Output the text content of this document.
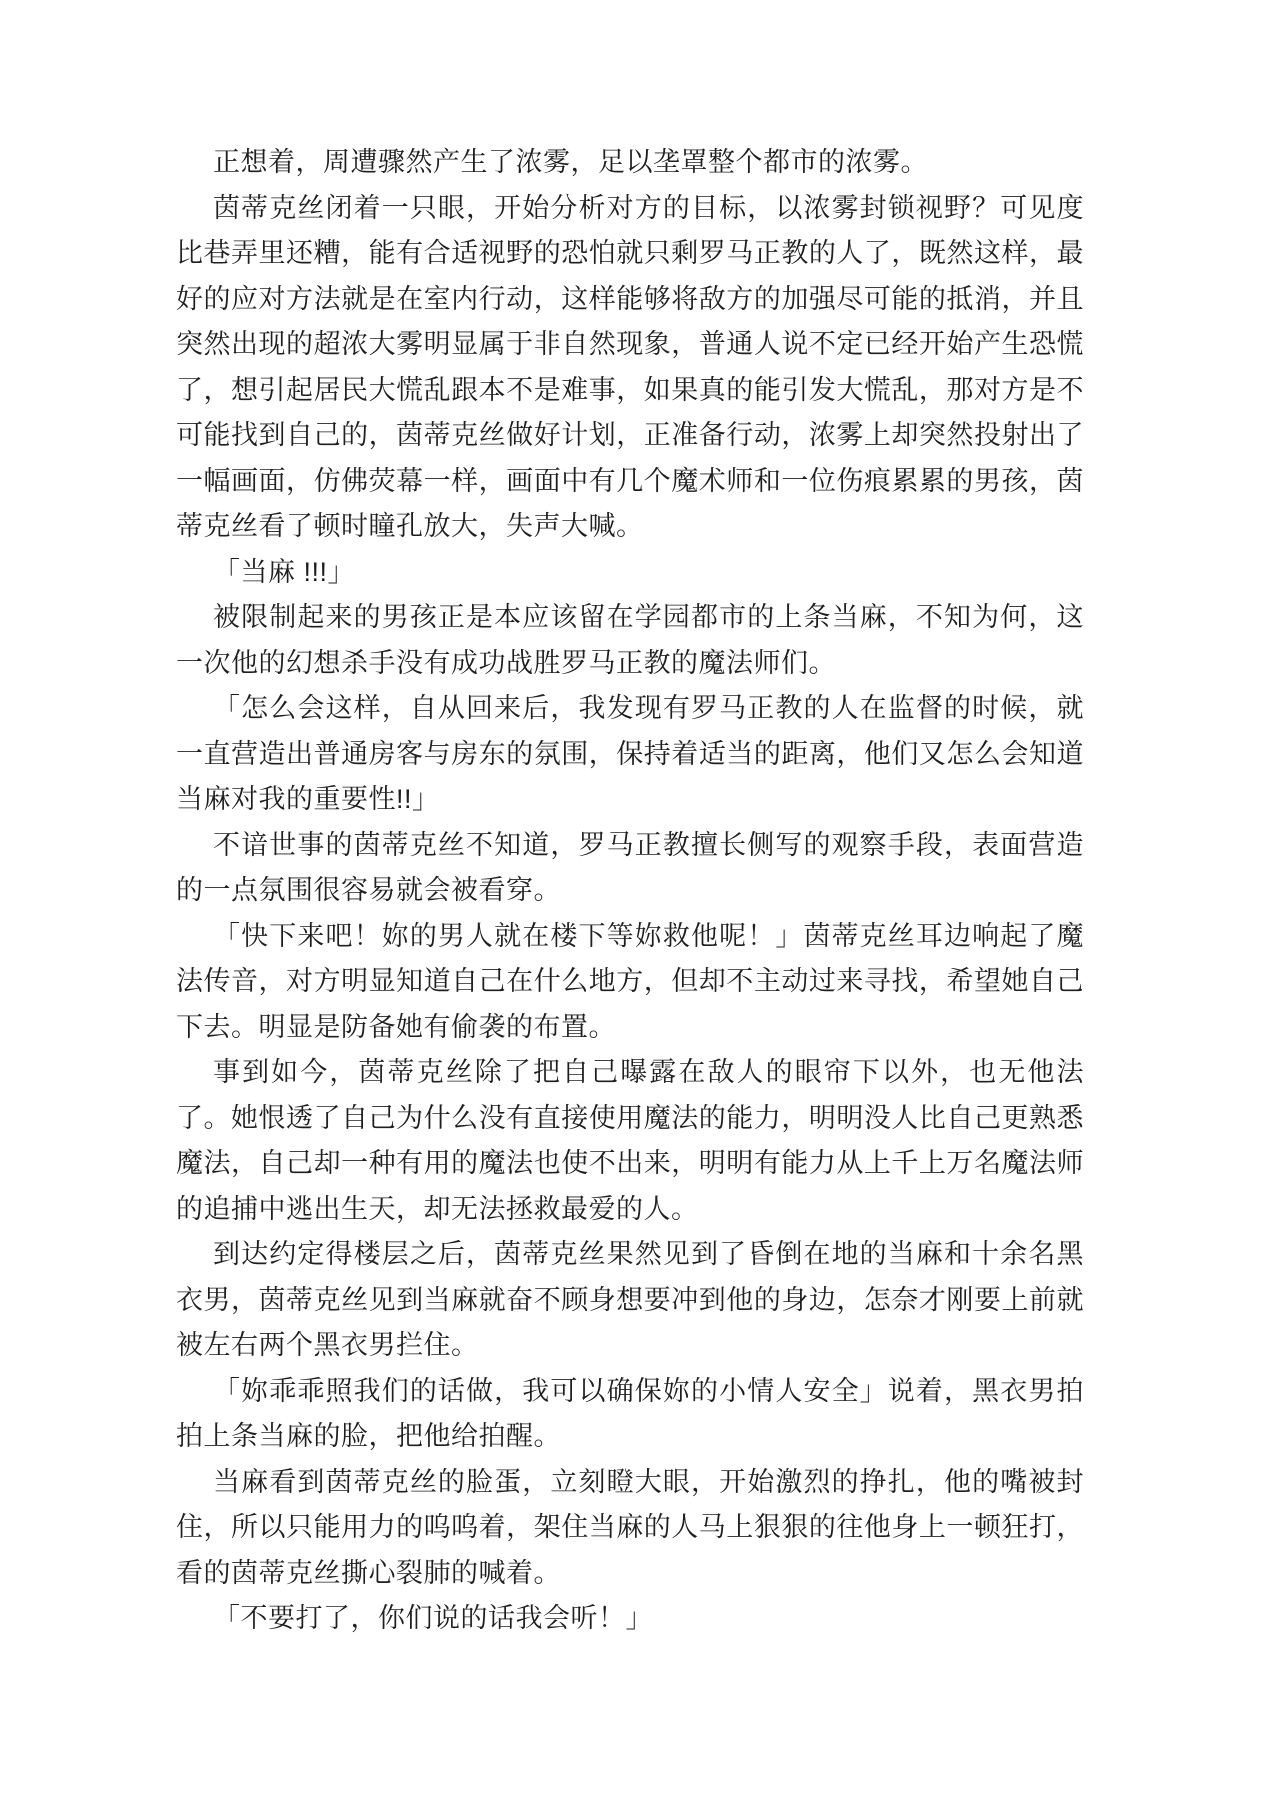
正想着，周遭骤然产生了浓雾，足以垄罩整个都市的浓雾。

茵蒂克丝闭着一只眼，开始分析对方的目标，以浓雾封锁视野？可见度比巷弄里还糟，能有合适视野的恐怕就只剩罗马正教的人了，既然这样，最好的应对方法就是在室内行动，这样能够将敌方的加强尽可能的抵消，并且突然出现的超浓大雾明显属于非自然现象，普通人说不定已经开始产生恐慌了，想引起居民大慌乱跟本不是难事，如果真的能引发大慌乱，那对方是不可能找到自己的，茵蒂克丝做好计划，正准备行动，浓雾上却突然投射出了一幅画面，仿佛荧幕一样，画面中有几个魔术师和一位伤痕累累的男孩，茵蒂克丝看了顿时瞳孔放大，失声大喊。

「当麻 !!!」

被限制起来的男孩正是本应该留在学园都市的上条当麻，不知为何，这一次他的幻想杀手没有成功战胜罗马正教的魔法师们。

「怎么会这样，自从回来后，我发现有罗马正教的人在监督的时候，就一直营造出普通房客与房东的氛围，保持着适当的距离，他们又怎么会知道当麻对我的重要性!!」

不谙世事的茵蒂克丝不知道，罗马正教擅长侧写的观察手段，表面营造的一点氛围很容易就会被看穿。

「快下来吧！妳的男人就在楼下等妳救他呢！」茵蒂克丝耳边响起了魔法传音，对方明显知道自己在什么地方，但却不主动过来寻找，希望她自己下去。明显是防备她有偷袭的布置。

事到如今，茵蒂克丝除了把自己曝露在敌人的眼帘下以外，也无他法了。她恨透了自己为什么没有直接使用魔法的能力，明明没人比自己更熟悉魔法，自己却一种有用的魔法也使不出来，明明有能力从上千上万名魔法师的追捕中逃出生天，却无法拯救最爱的人。

到达约定得楼层之后，茵蒂克丝果然见到了昏倒在地的当麻和十余名黑衣男，茵蒂克丝见到当麻就奋不顾身想要冲到他的身边，怎奈才刚要上前就被左右两个黑衣男拦住。

「妳乖乖照我们的话做，我可以确保妳的小情人安全」说着，黑衣男拍拍上条当麻的脸，把他给拍醒。

当麻看到茵蒂克丝的脸蛋，立刻瞪大眼，开始激烈的挣扎，他的嘴被封住，所以只能用力的呜呜着，架住当麻的人马上狠狠的往他身上一顿狂打，看的茵蒂克丝撕心裂肺的喊着。

「不要打了，你们说的话我会听！」
